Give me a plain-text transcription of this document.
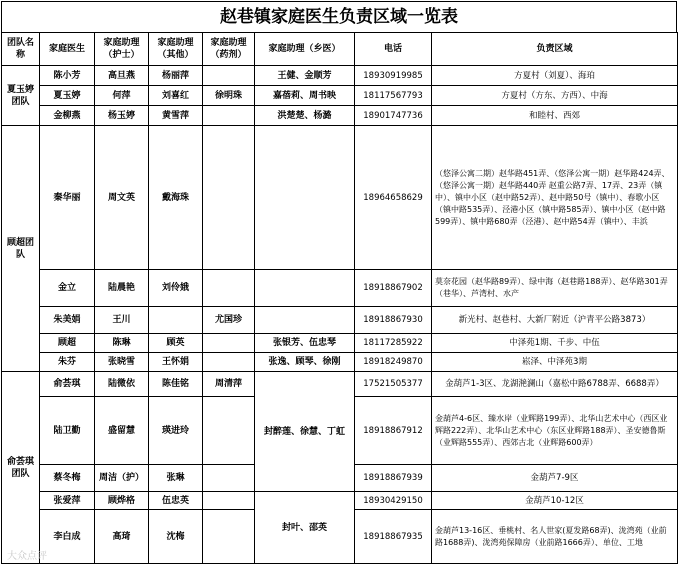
赵巷镇家庭医生负责区域一览表
团队名称	家庭医生	家庭助理（护士）	家庭助理（其他）	家庭助理（药剂）	家庭助理（乡医）	电话	负责区域
夏玉婷团队	陈小芳	高旦燕	杨丽萍		王健、金顺芳	18930919985	方夏村（刘夏）、海珀
	夏玉婷	何萍	刘喜红	徐明珠	嘉蓓莉、周书映	18117567793	方夏村（方东、方西）、中海
	金柳燕	杨玉婷	黄雪萍		洪楚楚、杨潞	18901747736	和睦村、西郊
顾超团队	秦华丽	周文英	戴海珠			18964658629	（悠泽公寓二期）赵华路451弄、（悠泽公寓一期）赵华路424弄、（悠泽公寓一期）赵华路440弄 赵重公路7弄、17弄、23弄（镇中）、镇中小区（赵中路52弄）、赵中路50号（镇中）、春歌小区（镇中路535弄）、泾港小区（镇中路585弄）、镇中小区（赵中路599弄）、镇中路680弄（泾港）、赵中路54弄（镇中）、丰浜
	金立	陆晨艳	刘伶娥			18918867902	莫奈花园（赵华路89弄）、绿中海（赵巷路188弄）、赵华路301弄（巷华）、芦湾村、水产
	朱美娟	王川		尤国珍		18918867930	新光村、赵巷村、大新厂附近（沪青平公路3873）
	顾超	陈琳	顾英		张银芳、伍忠琴	18117285922	中泽苑1期、千步、中伍
	朱芬	张晓雪	王怀娟		张逸、顾琴、徐刚	18918249870	崧泽、中泽苑3期
俞荟琪团队	俞荟琪	陆微依	陈佳铭	周清萍	封醉莲、徐慧、丁虹	17521505377	金葫芦1-3区、龙湖滟澜山（嘉松中路6788弄、6688弄）
	陆卫勤	盛留慧	瑛进玲			18918867912	金葫芦4-6区、臻水岸（业辉路199弄）、北华山艺术中心（西区业辉路222弄）、北华山艺术中心（东区业辉路188弄）、圣安德鲁斯（业辉路555弄）、西郊古北（业辉路600弄）
	蔡冬梅	周洁（护）	张琳			18918867939	金葫芦7-9区
	张爱萍	顾烨格	伍忠英		封叶、邵英	18930429150	金葫芦10-12区
	李白成	高琦	沈梅			18918867935	金葫芦13-16区、垂桃村、名人世家(夏发路68弄)、泷湾苑（业前路1688弄)、泷湾苑保障房（业前路1666弄）、单位、工地
大众点评
